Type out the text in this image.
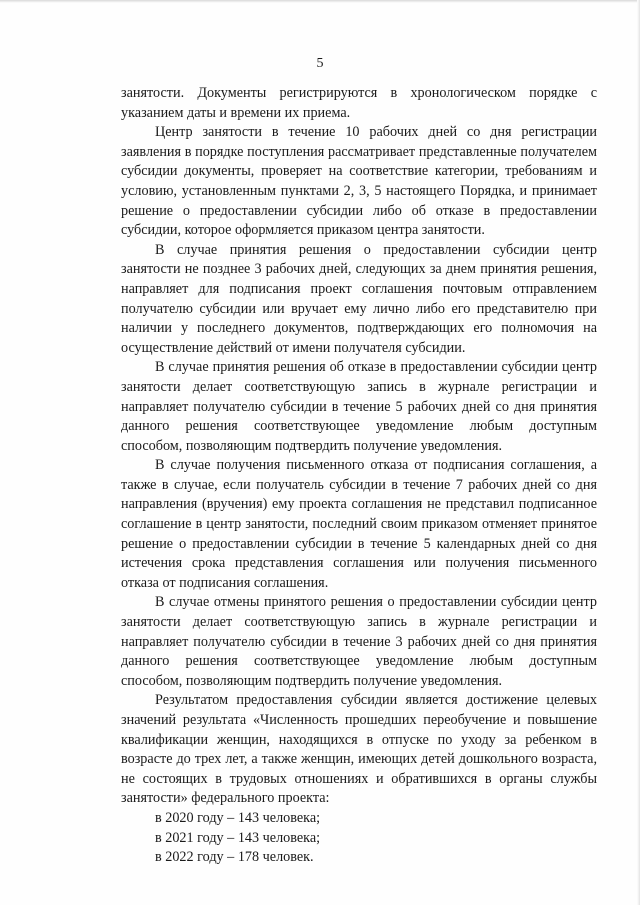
5

занятости. Документы регистрируются в хронологическом порядке с указанием даты и времени их приема.

Центр занятости в течение 10 рабочих дней со дня регистрации заявления в порядке поступления рассматривает представленные получателем субсидии документы, проверяет на соответствие категории, требованиям и условию, установленным пунктами 2, 3, 5 настоящего Порядка, и принимает решение о предоставлении субсидии либо об отказе в предоставлении субсидии, которое оформляется приказом центра занятости.

В случае принятия решения о предоставлении субсидии центр занятости не позднее 3 рабочих дней, следующих за днем принятия решения, направляет для подписания проект соглашения почтовым отправлением получателю субсидии или вручает ему лично либо его представителю при наличии у последнего документов, подтверждающих его полномочия на осуществление действий от имени получателя субсидии.

В случае принятия решения об отказе в предоставлении субсидии центр занятости делает соответствующую запись в журнале регистрации и направляет получателю субсидии в течение 5 рабочих дней со дня принятия данного решения соответствующее уведомление любым доступным способом, позволяющим подтвердить получение уведомления.

В случае получения письменного отказа от подписания соглашения, а также в случае, если получатель субсидии в течение 7 рабочих дней со дня направления (вручения) ему проекта соглашения не представил подписанное соглашение в центр занятости, последний своим приказом отменяет принятое решение о предоставлении субсидии в течение 5 календарных дней со дня истечения срока представления соглашения или получения письменного отказа от подписания соглашения.

В случае отмены принятого решения о предоставлении субсидии центр занятости делает соответствующую запись в журнале регистрации и направляет получателю субсидии в течение 3 рабочих дней со дня принятия данного решения соответствующее уведомление любым доступным способом, позволяющим подтвердить получение уведомления.

Результатом предоставления субсидии является достижение целевых значений результата «Численность прошедших переобучение и повышение квалификации женщин, находящихся в отпуске по уходу за ребенком в возрасте до трех лет, а также женщин, имеющих детей дошкольного возраста, не состоящих в трудовых отношениях и обратившихся в органы службы занятости» федерального проекта:

в 2020 году – 143 человека;

в 2021 году – 143 человека;

в 2022 году – 178 человек.
